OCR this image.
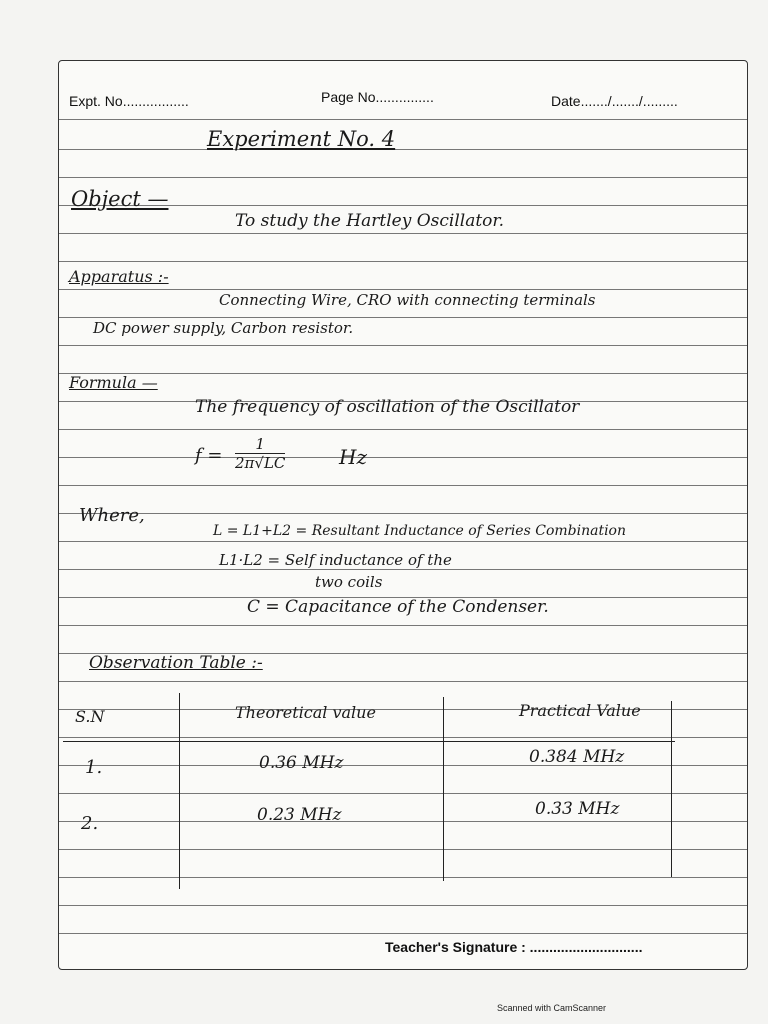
Expt. No.................	Page No...............	Date......./......./.........
Experiment No. 4
Object —
To study the Hartley Oscillator.
Apparatus :-
Connecting Wire, CRO with connecting terminals
DC power supply, Carbon resistor.
Formula —
The frequency of oscillation of the Oscillator
$f = \frac{1}{2\pi√LC}$	Hz
Where,
L = L1+L2 = Resultant Inductance of Series Combination
L1·L2 = Self inductance of the
two coils
C = Capacitance of the Condenser.
Observation Table :-
S.N	Theoretical value	Practical Value
1.	0.36 MHz	0.384 MHz
2.	0.23 MHz	0.33 MHz
Teacher's Signature : .............................
Scanned with CamScanner
